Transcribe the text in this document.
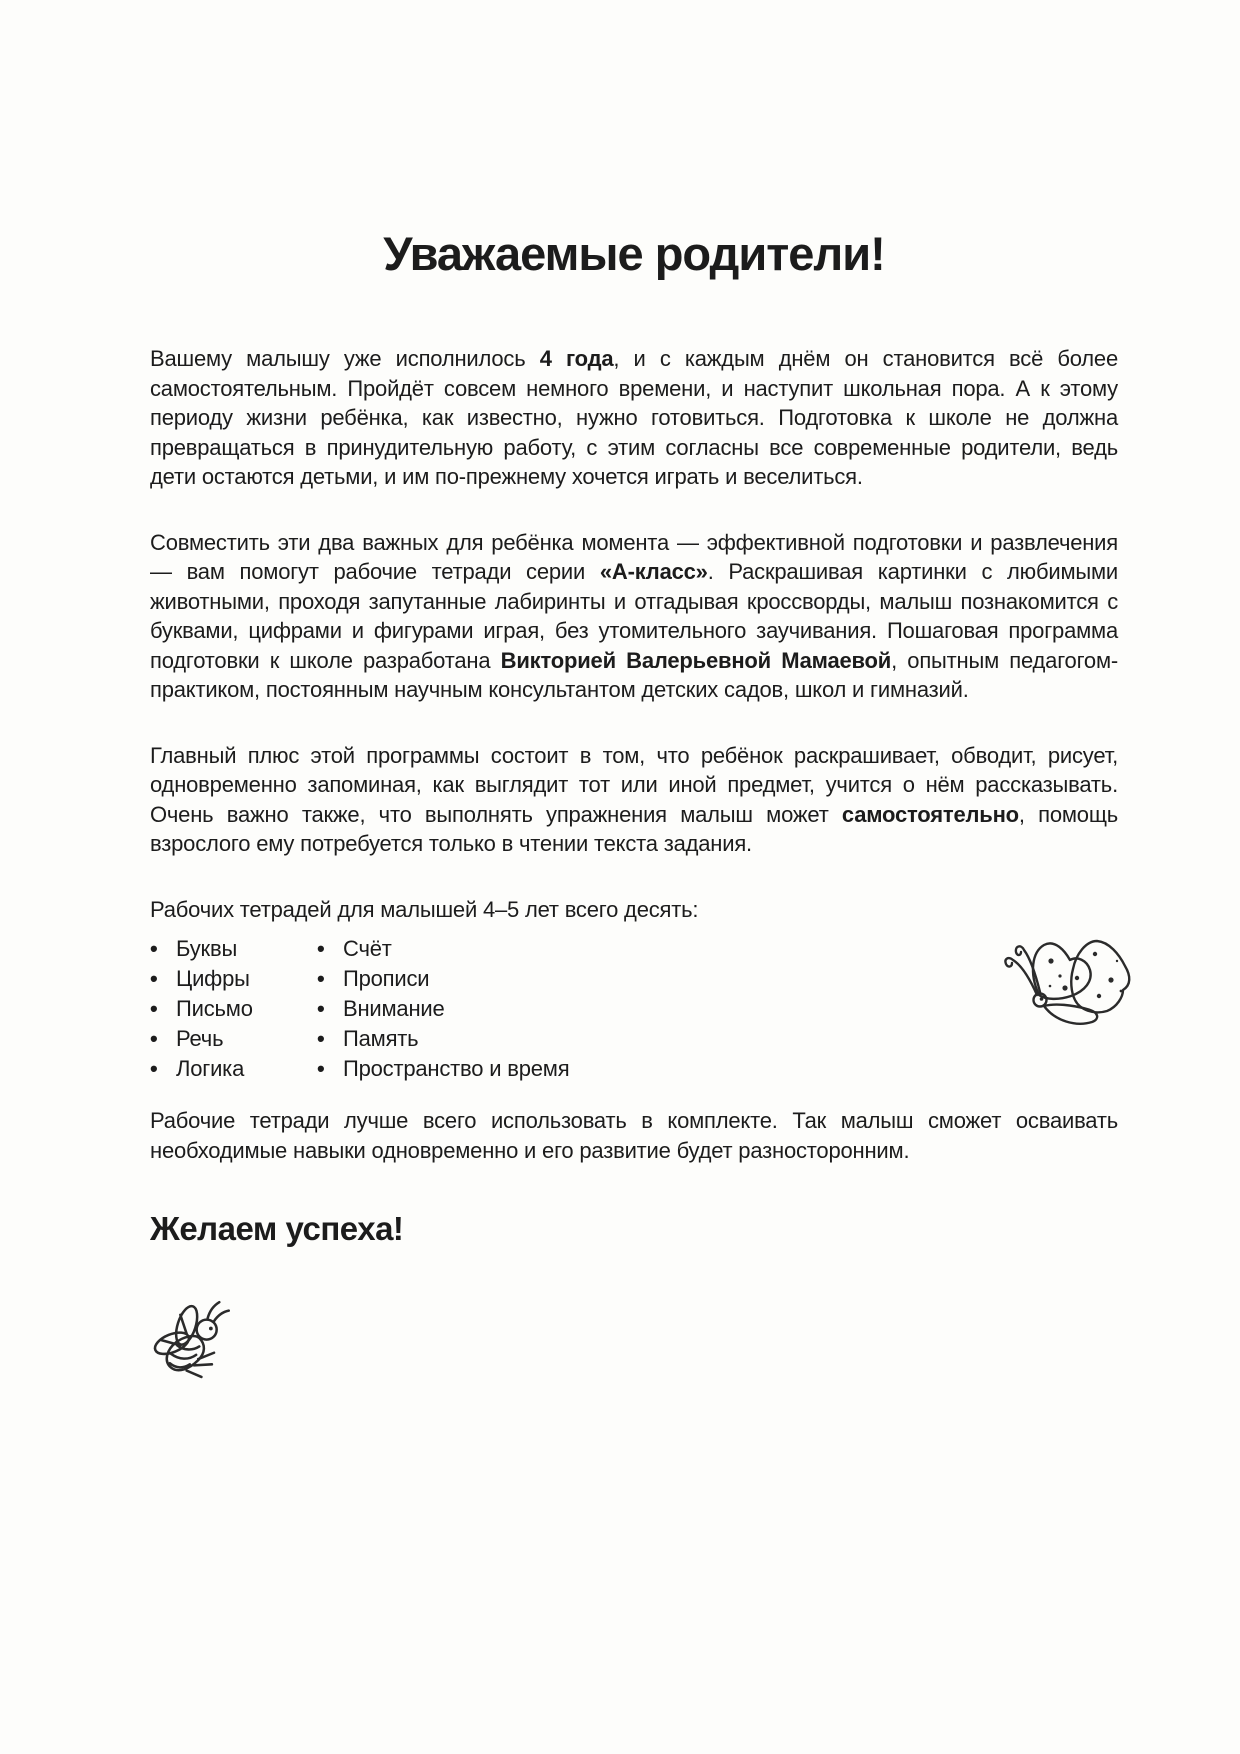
Уважаемые родители!

Вашему малышу уже исполнилось 4 года, и с каждым днём он становится всё более самостоятельным. Пройдёт совсем немного времени, и наступит школьная пора. А к этому периоду жизни ребёнка, как известно, нужно готовиться. Подготовка к школе не должна превращаться в принудительную работу, с этим согласны все современные родители, ведь дети остаются детьми, и им по-прежнему хочется играть и веселиться.

Совместить эти два важных для ребёнка момента — эффективной подготовки и развлечения — вам помогут рабочие тетради серии «А-класс». Раскрашивая картинки с любимыми животными, проходя запутанные лабиринты и отгадывая кроссворды, малыш познакомится с буквами, цифрами и фигурами играя, без утомительного заучивания. Пошаговая программа подготовки к школе разработана Викторией Валерьевной Мамаевой, опытным педагогом-практиком, постоянным научным консультантом детских садов, школ и гимназий.

Главный плюс этой программы состоит в том, что ребёнок раскрашивает, обводит, рисует, одновременно запоминая, как выглядит тот или иной предмет, учится о нём рассказывать. Очень важно также, что выполнять упражнения малыш может самостоятельно, помощь взрослого ему потребуется только в чтении текста задания.

Рабочих тетрадей для малышей 4–5 лет всего десять:

• Буквы
• Цифры
• Письмо
• Речь
• Логика
• Счёт
• Прописи
• Внимание
• Память
• Пространство и время

Рабочие тетради лучше всего использовать в комплекте. Так малыш сможет осваивать необходимые навыки одновременно и его развитие будет разносторонним.

Желаем успеха!
